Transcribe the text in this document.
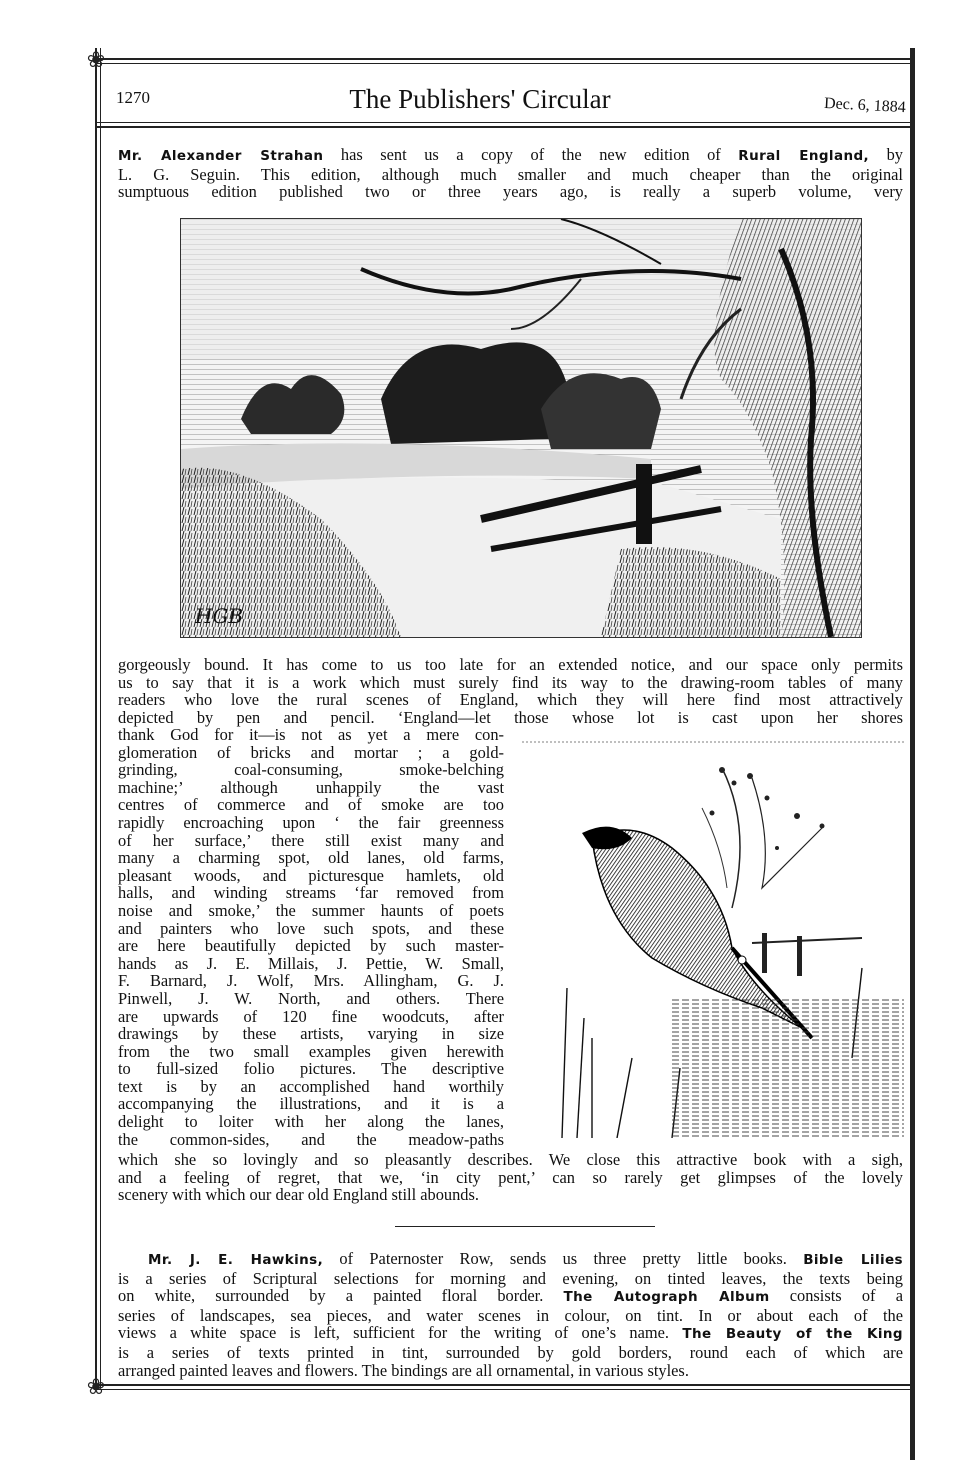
❀
❀
1270	The Publishers' Circular	Dec. 6, 1884
Mr. Alexander Strahan has sent us a copy of the new edition of Rural England, by
L. G. Seguin. This edition, although much smaller and much cheaper than the original
sumptuous edition published two or three years ago, is really a superb volume, very
HGB
gorgeously bound. It has come to us too late for an extended notice, and our space only permits
us to say that it is a work which must surely find its way to the drawing-room tables of many
readers who love the rural scenes of England, which they will here find most attractively
depicted by pen and pencil. ‘England—let those whose lot is cast upon her shores
thank God for it—is not as yet a mere con-
glomeration of bricks and mortar ; a gold-
grinding, coal-consuming, smoke-belching
machine;’ although unhappily the vast
centres of commerce and of smoke are too
rapidly encroaching upon ‘ the fair greenness
of her surface,’ there still exist many and
many a charming spot, old lanes, old farms,
pleasant woods, and picturesque hamlets, old
halls, and winding streams ‘far removed from
noise and smoke,’ the summer haunts of poets
and painters who love such spots, and these
are here beautifully depicted by such master-
hands as J. E. Millais, J. Pettie, W. Small,
F. Barnard, J. Wolf, Mrs. Allingham, G. J.
Pinwell, J. W. North, and others. There
are upwards of 120 fine woodcuts, after
drawings by these artists, varying in size
from the two small examples given herewith
to full-sized folio pictures. The descriptive
text is by an accomplished hand worthily
accompanying the illustrations, and it is a
delight to loiter with her along the lanes,
the common-sides, and the meadow-paths
which she so lovingly and so pleasantly describes. We close this attractive book with a sigh,
and a feeling of regret, that we, ‘in city pent,’ can so rarely get glimpses of the lovely
scenery with which our dear old England still abounds.
Mr. J. E. Hawkins, of Paternoster Row, sends us three pretty little books. Bible Lilies
is a series of Scriptural selections for morning and evening, on tinted leaves, the texts being
on white, surrounded by a painted floral border. The Autograph Album consists of a
series of landscapes, sea pieces, and water scenes in colour, on tint. In or about each of the
views a white space is left, sufficient for the writing of one’s name. The Beauty of the King
is a series of texts printed in tint, surrounded by gold borders, round each of which are
arranged painted leaves and flowers. The bindings are all ornamental, in various styles.
